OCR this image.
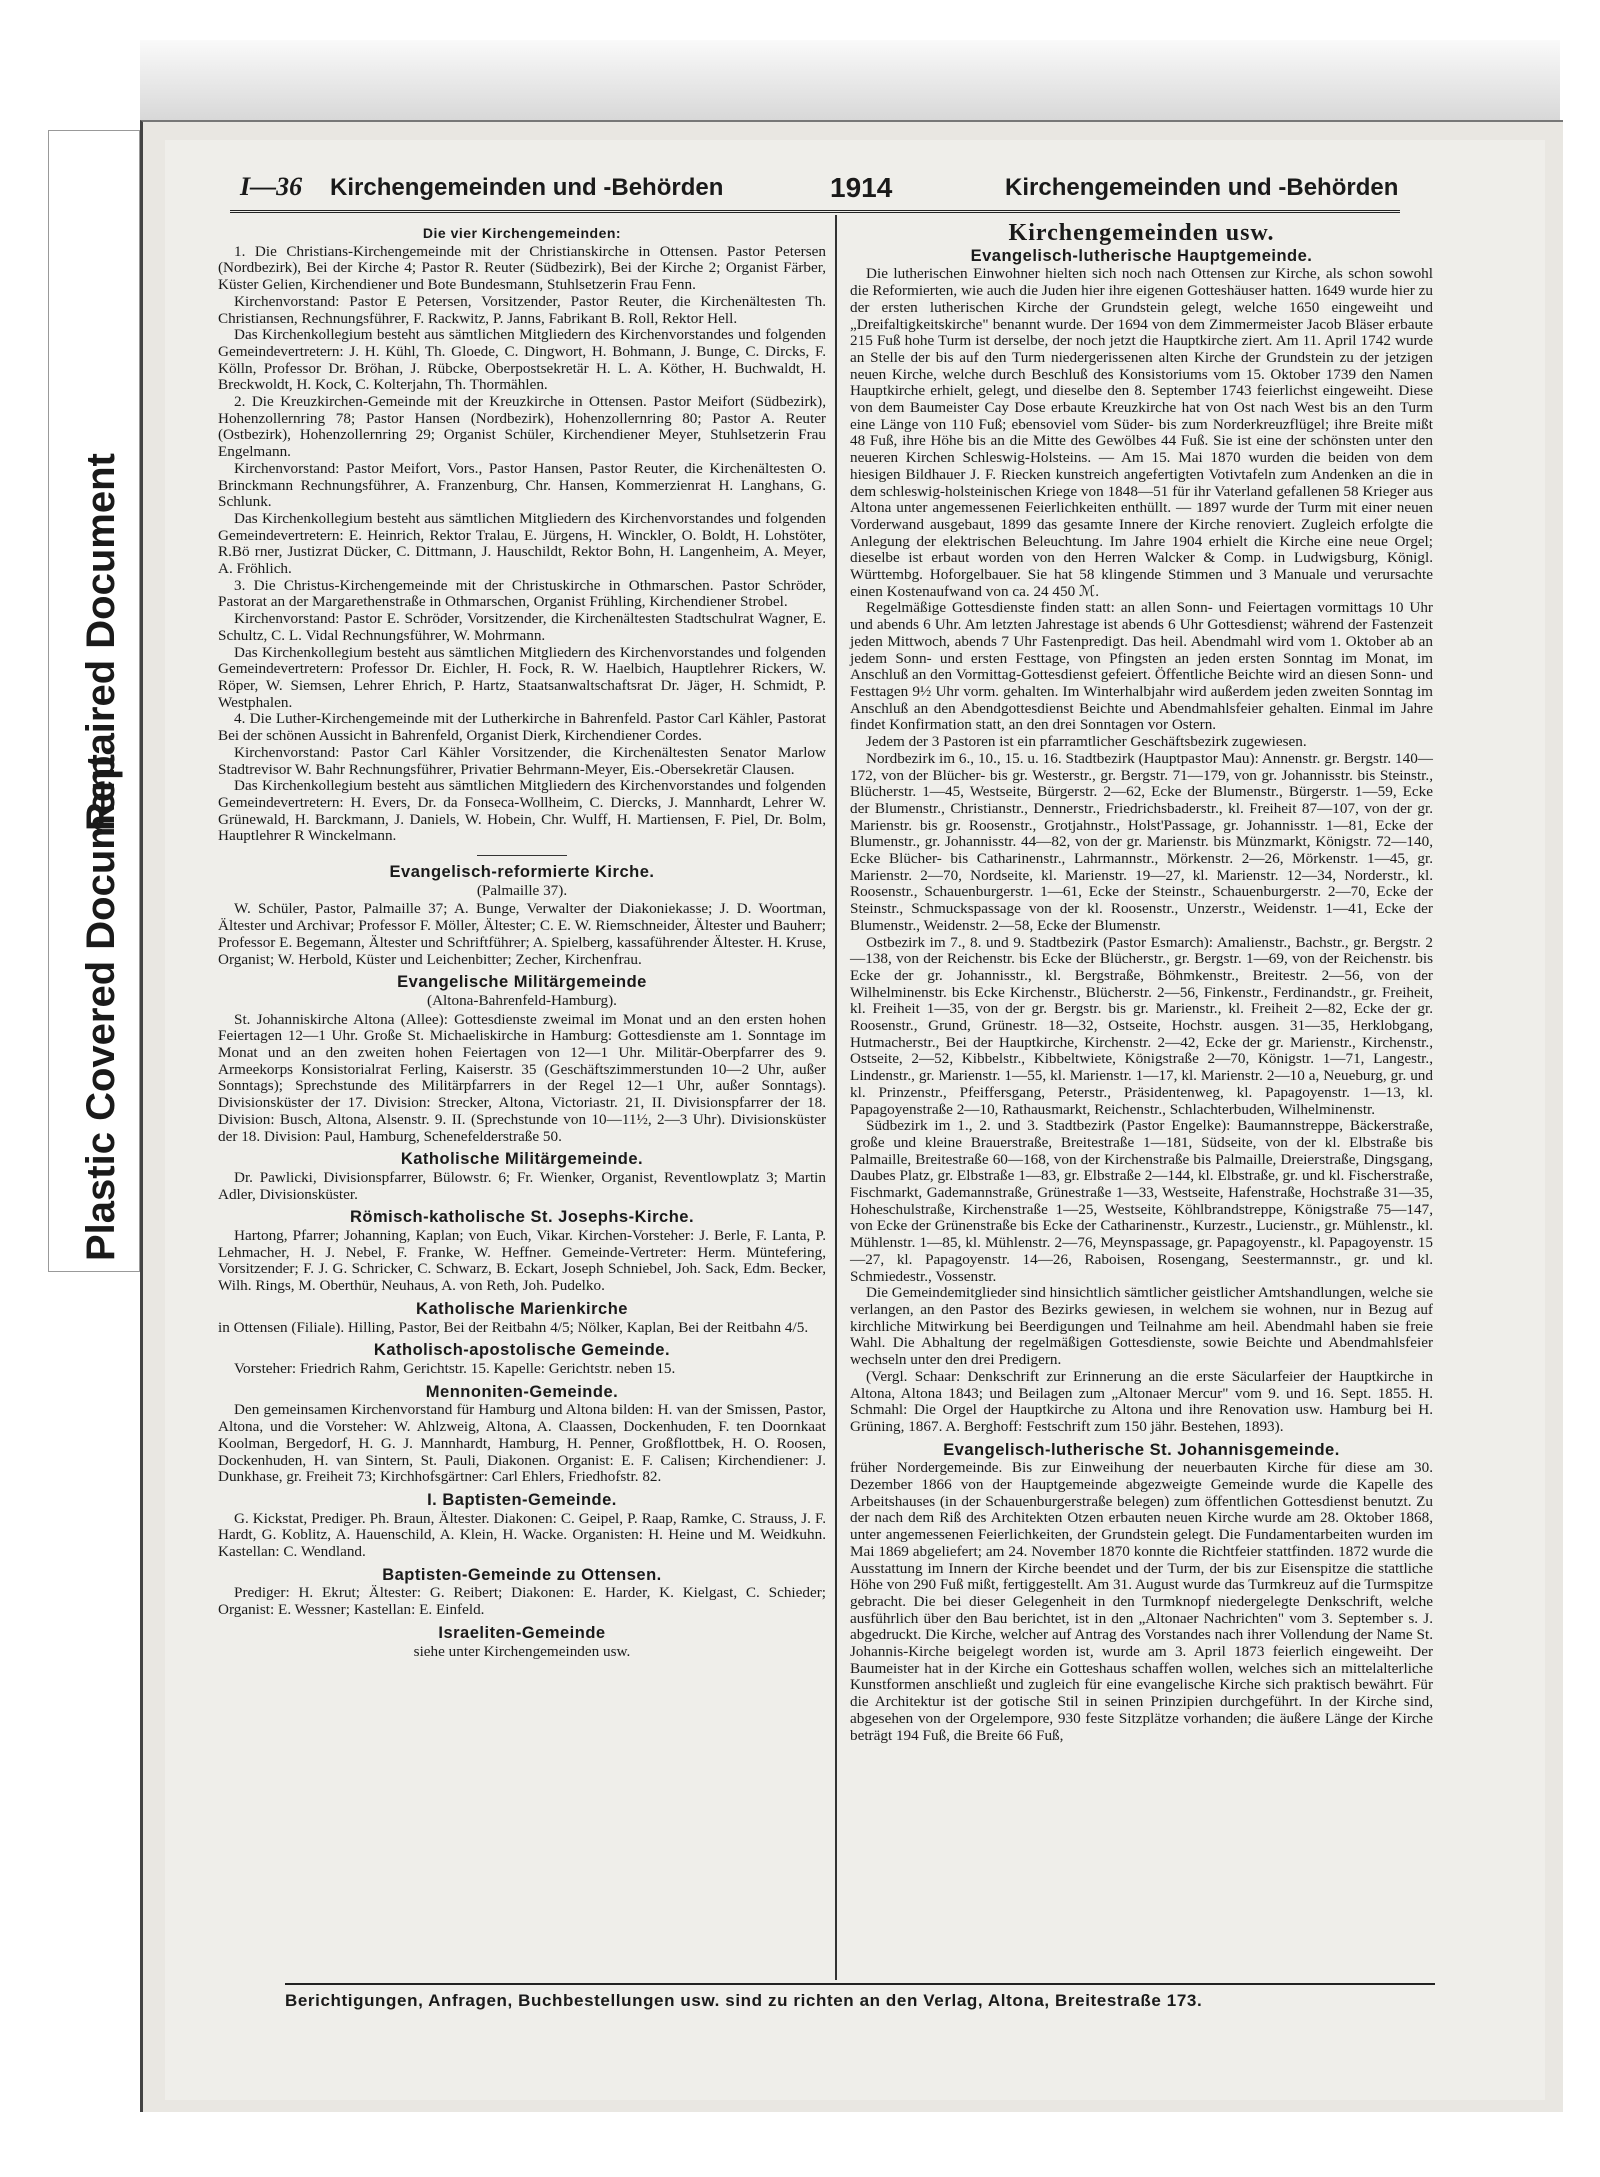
Plastic Covered Document
Repaired Document
I—36 Kirchengemeinden und -Behörden	1914	Kirchengemeinden und -Behörden
Die vier Kirchengemeinden:

1. Die Christians-Kirchengemeinde mit der Christianskirche in Ottensen. Pastor Petersen (Nordbezirk), Bei der Kirche 4; Pastor R. Reuter (Südbezirk), Bei der Kirche 2; Organist Färber, Küster Gelien, Kirchendiener und Bote Bundesmann, Stuhlsetzerin Frau Fenn.

Kirchenvorstand: Pastor E Petersen, Vorsitzender, Pastor Reuter, die Kirchenältesten Th. Christiansen, Rechnungsführer, F. Rackwitz, P. Janns, Fabrikant B. Roll, Rektor Hell.

Das Kirchenkollegium besteht aus sämtlichen Mitgliedern des Kirchenvorstandes und folgenden Gemeindevertretern: J. H. Kühl, Th. Gloede, C. Dingwort, H. Bohmann, J. Bunge, C. Dircks, F. Kölln, Professor Dr. Bröhan, J. Rübcke, Oberpostsekretär H. L. A. Köther, H. Buchwaldt, H. Breckwoldt, H. Kock, C. Kolterjahn, Th. Thormählen.

2. Die Kreuzkirchen-Gemeinde mit der Kreuzkirche in Ottensen. Pastor Meifort (Südbezirk), Hohenzollernring 78; Pastor Hansen (Nordbezirk), Hohenzollernring 80; Pastor A. Reuter (Ostbezirk), Hohenzollernring 29; Organist Schüler, Kirchendiener Meyer, Stuhlsetzerin Frau Engelmann.

Kirchenvorstand: Pastor Meifort, Vors., Pastor Hansen, Pastor Reuter, die Kirchenältesten O. Brinckmann Rechnungsführer, A. Franzenburg, Chr. Hansen, Kommerzienrat H. Langhans, G. Schlunk.

Das Kirchenkollegium besteht aus sämtlichen Mitgliedern des Kirchenvorstandes und folgenden Gemeindevertretern: E. Heinrich, Rektor Tralau, E. Jürgens, H. Winckler, O. Boldt, H. Lohstöter, R.Bö rner, Justizrat Dücker, C. Dittmann, J. Hauschildt, Rektor Bohn, H. Langenheim, A. Meyer, A. Fröhlich.

3. Die Christus-Kirchengemeinde mit der Christuskirche in Othmarschen. Pastor Schröder, Pastorat an der Margarethenstraße in Othmarschen, Organist Frühling, Kirchendiener Strobel.

Kirchenvorstand: Pastor E. Schröder, Vorsitzender, die Kirchenältesten Stadtschulrat Wagner, E. Schultz, C. L. Vidal Rechnungsführer, W. Mohrmann.

Das Kirchenkollegium besteht aus sämtlichen Mitgliedern des Kirchenvorstandes und folgenden Gemeindevertretern: Professor Dr. Eichler, H. Fock, R. W. Haelbich, Hauptlehrer Rickers, W. Röper, W. Siemsen, Lehrer Ehrich, P. Hartz, Staatsanwaltschaftsrat Dr. Jäger, H. Schmidt, P. Westphalen.

4. Die Luther-Kirchengemeinde mit der Lutherkirche in Bahrenfeld. Pastor Carl Kähler, Pastorat Bei der schönen Aussicht in Bahrenfeld, Organist Dierk, Kirchendiener Cordes.

Kirchenvorstand: Pastor Carl Kähler Vorsitzender, die Kirchenältesten Senator Marlow Stadtrevisor W. Bahr Rechnungsführer, Privatier Behrmann-Meyer, Eis.-Obersekretär Clausen.

Das Kirchenkollegium besteht aus sämtlichen Mitgliedern des Kirchenvorstandes und folgenden Gemeindevertretern: H. Evers, Dr. da Fonseca-Wollheim, C. Diercks, J. Mannhardt, Lehrer W. Grünewald, H. Barckmann, J. Daniels, W. Hobein, Chr. Wulff, H. Martiensen, F. Piel, Dr. Bolm, Hauptlehrer R Winckelmann.

Evangelisch-reformierte Kirche.
(Palmaille 37).

W. Schüler, Pastor, Palmaille 37; A. Bunge, Verwalter der Diakoniekasse; J. D. Woortman, Ältester und Archivar; Professor F. Möller, Ältester; C. E. W. Riemschneider, Ältester und Bauherr; Professor E. Begemann, Ältester und Schriftführer; A. Spielberg, kassaführender Ältester. H. Kruse, Organist; W. Herbold, Küster und Leichenbitter; Zecher, Kirchenfrau.

Evangelische Militärgemeinde
(Altona-Bahrenfeld-Hamburg).

St. Johanniskirche Altona (Allee): Gottesdienste zweimal im Monat und an den ersten hohen Feiertagen 12—1 Uhr. Große St. Michaeliskirche in Hamburg: Gottesdienste am 1. Sonntage im Monat und an den zweiten hohen Feiertagen von 12—1 Uhr. Militär-Oberpfarrer des 9. Armeekorps Konsistorialrat Ferling, Kaiserstr. 35 (Geschäftszimmerstunden 10—2 Uhr, außer Sonntags); Sprechstunde des Militärpfarrers in der Regel 12—1 Uhr, außer Sonntags). Divisionsküster der 17. Division: Strecker, Altona, Victoriastr. 21, II. Divisionspfarrer der 18. Division: Busch, Altona, Alsenstr. 9. II. (Sprechstunde von 10—11½, 2—3 Uhr). Divisionsküster der 18. Division: Paul, Hamburg, Schenefelderstraße 50.

Katholische Militärgemeinde.

Dr. Pawlicki, Divisionspfarrer, Bülowstr. 6; Fr. Wienker, Organist, Reventlowplatz 3; Martin Adler, Divisionsküster.

Römisch-katholische St. Josephs-Kirche.

Hartong, Pfarrer; Johanning, Kaplan; von Euch, Vikar. Kirchen-Vorsteher: J. Berle, F. Lanta, P. Lehmacher, H. J. Nebel, F. Franke, W. Heffner. Gemeinde-Vertreter: Herm. Müntefering, Vorsitzender; F. J. G. Schricker, C. Schwarz, B. Eckart, Joseph Schniebel, Joh. Sack, Edm. Becker, Wilh. Rings, M. Oberthür, Neuhaus, A. von Reth, Joh. Pudelko.

Katholische Marienkirche

in Ottensen (Filiale). Hilling, Pastor, Bei der Reitbahn 4/5; Nölker, Kaplan, Bei der Reitbahn 4/5.

Katholisch-apostolische Gemeinde.

Vorsteher: Friedrich Rahm, Gerichtstr. 15. Kapelle: Gerichtstr. neben 15.

Mennoniten-Gemeinde.

Den gemeinsamen Kirchenvorstand für Hamburg und Altona bilden: H. van der Smissen, Pastor, Altona, und die Vorsteher: W. Ahlzweig, Altona, A. Claassen, Dockenhuden, F. ten Doornkaat Koolman, Bergedorf, H. G. J. Mannhardt, Hamburg, H. Penner, Großflottbek, H. O. Roosen, Dockenhuden, H. van Sintern, St. Pauli, Diakonen. Organist: E. F. Calisen; Kirchendiener: J. Dunkhase, gr. Freiheit 73; Kirchhofsgärtner: Carl Ehlers, Friedhofstr. 82.

I. Baptisten-Gemeinde.

G. Kickstat, Prediger. Ph. Braun, Ältester. Diakonen: C. Geipel, P. Raap, Ramke, C. Strauss, J. F. Hardt, G. Koblitz, A. Hauenschild, A. Klein, H. Wacke. Organisten: H. Heine und M. Weidkuhn. Kastellan: C. Wendland.

Baptisten-Gemeinde zu Ottensen.

Prediger: H. Ekrut; Ältester: G. Reibert; Diakonen: E. Harder, K. Kielgast, C. Schieder; Organist: E. Wessner; Kastellan: E. Einfeld.

Israeliten-Gemeinde
siehe unter Kirchengemeinden usw.
Kirchengemeinden usw.
Evangelisch-lutherische Hauptgemeinde.

Die lutherischen Einwohner hielten sich noch nach Ottensen zur Kirche, als schon sowohl die Reformierten, wie auch die Juden hier ihre eigenen Gotteshäuser hatten. 1649 wurde hier zu der ersten lutherischen Kirche der Grundstein gelegt, welche 1650 eingeweiht und „Dreifaltigkeitskirche" benannt wurde. Der 1694 von dem Zimmermeister Jacob Bläser erbaute 215 Fuß hohe Turm ist derselbe, der noch jetzt die Hauptkirche ziert. Am 11. April 1742 wurde an Stelle der bis auf den Turm niedergerissenen alten Kirche der Grundstein zu der jetzigen neuen Kirche, welche durch Beschluß des Konsistoriums vom 15. Oktober 1739 den Namen Hauptkirche erhielt, gelegt, und dieselbe den 8. September 1743 feierlichst eingeweiht. Diese von dem Baumeister Cay Dose erbaute Kreuzkirche hat von Ost nach West bis an den Turm eine Länge von 110 Fuß; ebensoviel vom Süder- bis zum Norderkreuzflügel; ihre Breite mißt 48 Fuß, ihre Höhe bis an die Mitte des Gewölbes 44 Fuß. Sie ist eine der schönsten unter den neueren Kirchen Schleswig-Holsteins. — Am 15. Mai 1870 wurden die beiden von dem hiesigen Bildhauer J. F. Riecken kunstreich angefertigten Votivtafeln zum Andenken an die in dem schleswig-holsteinischen Kriege von 1848—51 für ihr Vaterland gefallenen 58 Krieger aus Altona unter angemessenen Feierlichkeiten enthüllt. — 1897 wurde der Turm mit einer neuen Vorderwand ausgebaut, 1899 das gesamte Innere der Kirche renoviert. Zugleich erfolgte die Anlegung der elektrischen Beleuchtung. Im Jahre 1904 erhielt die Kirche eine neue Orgel; dieselbe ist erbaut worden von den Herren Walcker & Comp. in Ludwigsburg, Königl. Württembg. Hoforgelbauer. Sie hat 58 klingende Stimmen und 3 Manuale und verursachte einen Kostenaufwand von ca. 24 450 ℳ.

Regelmäßige Gottesdienste finden statt: an allen Sonn- und Feiertagen vormittags 10 Uhr und abends 6 Uhr. Am letzten Jahrestage ist abends 6 Uhr Gottesdienst; während der Fastenzeit jeden Mittwoch, abends 7 Uhr Fastenpredigt. Das heil. Abendmahl wird vom 1. Oktober ab an jedem Sonn- und ersten Festtage, von Pfingsten an jeden ersten Sonntag im Monat, im Anschluß an den Vormittag-Gottesdienst gefeiert. Öffentliche Beichte wird an diesen Sonn- und Festtagen 9½ Uhr vorm. gehalten. Im Winterhalbjahr wird außerdem jeden zweiten Sonntag im Anschluß an den Abendgottesdienst Beichte und Abendmahlsfeier gehalten. Einmal im Jahre findet Konfirmation statt, an den drei Sonntagen vor Ostern.

Jedem der 3 Pastoren ist ein pfarramtlicher Geschäftsbezirk zugewiesen.

Nordbezirk im 6., 10., 15. u. 16. Stadtbezirk (Hauptpastor Mau): Annenstr. gr. Bergstr. 140—172, von der Blücher- bis gr. Westerstr., gr. Bergstr. 71—179, von gr. Johannisstr. bis Steinstr., Blücherstr. 1—45, Westseite, Bürgerstr. 2—62, Ecke der Blumenstr., Bürgerstr. 1—59, Ecke der Blumenstr., Christianstr., Dennerstr., Friedrichsbaderstr., kl. Freiheit 87—107, von der gr. Marienstr. bis gr. Roosenstr., Grotjahnstr., Holst'Passage, gr. Johannisstr. 1—81, Ecke der Blumenstr., gr. Johannisstr. 44—82, von der gr. Marienstr. bis Münzmarkt, Königstr. 72—140, Ecke Blücher- bis Catharinenstr., Lahrmannstr., Mörkenstr. 2—26, Mörkenstr. 1—45, gr. Marienstr. 2—70, Nordseite, kl. Marienstr. 19—27, kl. Marienstr. 12—34, Norderstr., kl. Roosenstr., Schauenburgerstr. 1—61, Ecke der Steinstr., Schauenburgerstr. 2—70, Ecke der Steinstr., Schmuckspassage von der kl. Roosenstr., Unzerstr., Weidenstr. 1—41, Ecke der Blumenstr., Weidenstr. 2—58, Ecke der Blumenstr.

Ostbezirk im 7., 8. und 9. Stadtbezirk (Pastor Esmarch): Amalienstr., Bachstr., gr. Bergstr. 2—138, von der Reichenstr. bis Ecke der Blücherstr., gr. Bergstr. 1—69, von der Reichenstr. bis Ecke der gr. Johannisstr., kl. Bergstraße, Böhmkenstr., Breitestr. 2—56, von der Wilhelminenstr. bis Ecke Kirchenstr., Blücherstr. 2—56, Finkenstr., Ferdinandstr., gr. Freiheit, kl. Freiheit 1—35, von der gr. Bergstr. bis gr. Marienstr., kl. Freiheit 2—82, Ecke der gr. Roosenstr., Grund, Grünestr. 18—32, Ostseite, Hochstr. ausgen. 31—35, Herklobgang, Hutmacherstr., Bei der Hauptkirche, Kirchenstr. 2—42, Ecke der gr. Marienstr., Kirchenstr., Ostseite, 2—52, Kibbelstr., Kibbeltwiete, Königstraße 2—70, Königstr. 1—71, Langestr., Lindenstr., gr. Marienstr. 1—55, kl. Marienstr. 1—17, kl. Marienstr. 2—10 a, Neueburg, gr. und kl. Prinzenstr., Pfeiffersgang, Peterstr., Präsidentenweg, kl. Papagoyenstr. 1—13, kl. Papagoyenstraße 2—10, Rathausmarkt, Reichenstr., Schlachterbuden, Wilhelminenstr.

Südbezirk im 1., 2. und 3. Stadtbezirk (Pastor Engelke): Baumannstreppe, Bäckerstraße, große und kleine Brauerstraße, Breitestraße 1—181, Südseite, von der kl. Elbstraße bis Palmaille, Breitestraße 60—168, von der Kirchenstraße bis Palmaille, Dreierstraße, Dingsgang, Daubes Platz, gr. Elbstraße 1—83, gr. Elbstraße 2—144, kl. Elbstraße, gr. und kl. Fischerstraße, Fischmarkt, Gademannstraße, Grünestraße 1—33, Westseite, Hafenstraße, Hochstraße 31—35, Hoheschulstraße, Kirchenstraße 1—25, Westseite, Köhlbrandstreppe, Königstraße 75—147, von Ecke der Grünenstraße bis Ecke der Catharinenstr., Kurzestr., Lucienstr., gr. Mühlenstr., kl. Mühlenstr. 1—85, kl. Mühlenstr. 2—76, Meynspassage, gr. Papagoyenstr., kl. Papagoyenstr. 15—27, kl. Papagoyenstr. 14—26, Raboisen, Rosengang, Seestermannstr., gr. und kl. Schmiedestr., Vossenstr.

Die Gemeindemitglieder sind hinsichtlich sämtlicher geistlicher Amtshandlungen, welche sie verlangen, an den Pastor des Bezirks gewiesen, in welchem sie wohnen, nur in Bezug auf kirchliche Mitwirkung bei Beerdigungen und Teilnahme am heil. Abendmahl haben sie freie Wahl. Die Abhaltung der regelmäßigen Gottesdienste, sowie Beichte und Abendmahlsfeier wechseln unter den drei Predigern.

(Vergl. Schaar: Denkschrift zur Erinnerung an die erste Säcularfeier der Hauptkirche in Altona, Altona 1843; und Beilagen zum „Altonaer Mercur" vom 9. und 16. Sept. 1855. H. Schmahl: Die Orgel der Hauptkirche zu Altona und ihre Renovation usw. Hamburg bei H. Grüning, 1867. A. Berghoff: Festschrift zum 150 jähr. Bestehen, 1893).

Evangelisch-lutherische St. Johannisgemeinde.

früher Nordergemeinde. Bis zur Einweihung der neuerbauten Kirche für diese am 30. Dezember 1866 von der Hauptgemeinde abgezweigte Gemeinde wurde die Kapelle des Arbeitshauses (in der Schauenburgerstraße belegen) zum öffentlichen Gottesdienst benutzt. Zu der nach dem Riß des Architekten Otzen erbauten neuen Kirche wurde am 28. Oktober 1868, unter angemessenen Feierlichkeiten, der Grundstein gelegt. Die Fundamentarbeiten wurden im Mai 1869 abgeliefert; am 24. November 1870 konnte die Richtfeier stattfinden. 1872 wurde die Ausstattung im Innern der Kirche beendet und der Turm, der bis zur Eisenspitze die stattliche Höhe von 290 Fuß mißt, fertiggestellt. Am 31. August wurde das Turmkreuz auf die Turmspitze gebracht. Die bei dieser Gelegenheit in den Turmknopf niedergelegte Denkschrift, welche ausführlich über den Bau berichtet, ist in den „Altonaer Nachrichten" vom 3. September s. J. abgedruckt. Die Kirche, welcher auf Antrag des Vorstandes nach ihrer Vollendung der Name St. Johannis-Kirche beigelegt worden ist, wurde am 3. April 1873 feierlich eingeweiht. Der Baumeister hat in der Kirche ein Gotteshaus schaffen wollen, welches sich an mittelalterliche Kunstformen anschließt und zugleich für eine evangelische Kirche sich praktisch bewährt. Für die Architektur ist der gotische Stil in seinen Prinzipien durchgeführt. In der Kirche sind, abgesehen von der Orgelempore, 930 feste Sitzplätze vorhanden; die äußere Länge der Kirche beträgt 194 Fuß, die Breite 66 Fuß,

Berichtigungen, Anfragen, Buchbestellungen usw. sind zu richten an den Verlag, Altona, Breitestraße 173.
